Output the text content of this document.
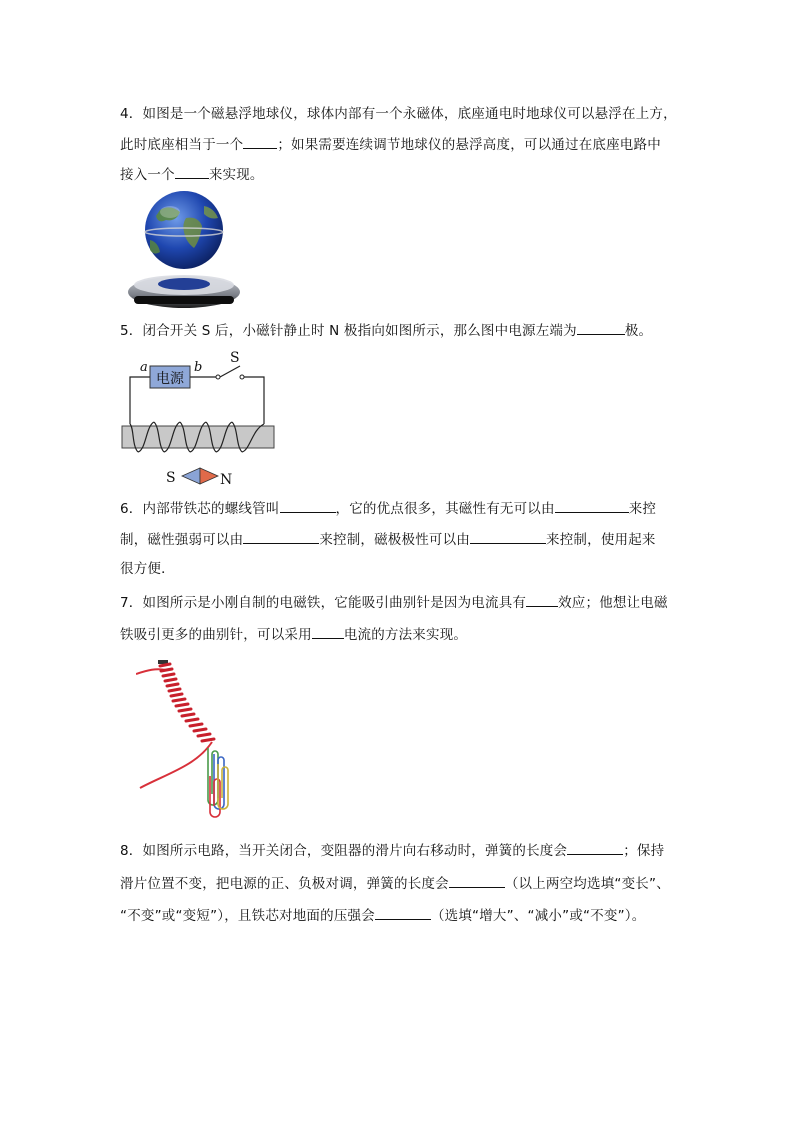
4．如图是一个磁悬浮地球仪，球体内部有一个永磁体，底座通电时地球仪可以悬浮在上方，
此时底座相当于一个	；如果需要连续调节地球仪的悬浮高度，可以通过在底座电路中
接入一个	来实现。
5．闭合开关 S 后，小磁针静止时 N 极指向如图所示，那么图中电源左端为	极。
电源
a	b
S
S	N
6．内部带铁芯的螺线管叫	，它的优点很多，其磁性有无可以由	来控
制，磁性强弱可以由	来控制，磁极极性可以由	来控制，使用起来
很方便．
7．如图所示是小刚自制的电磁铁，它能吸引曲别针是因为电流具有 效应；他想让电磁
铁吸引更多的曲别针，可以采用 电流的方法来实现。
8．如图所示电路，当开关闭合，变阻器的滑片向右移动时，弹簧的长度会	；保持
滑片位置不变，把电源的正、负极对调，弹簧的长度会	（以上两空均选填“变长”、
“不变”或“变短”），且铁芯对地面的压强会	（选填“增大”、“减小”或“不变”）。
